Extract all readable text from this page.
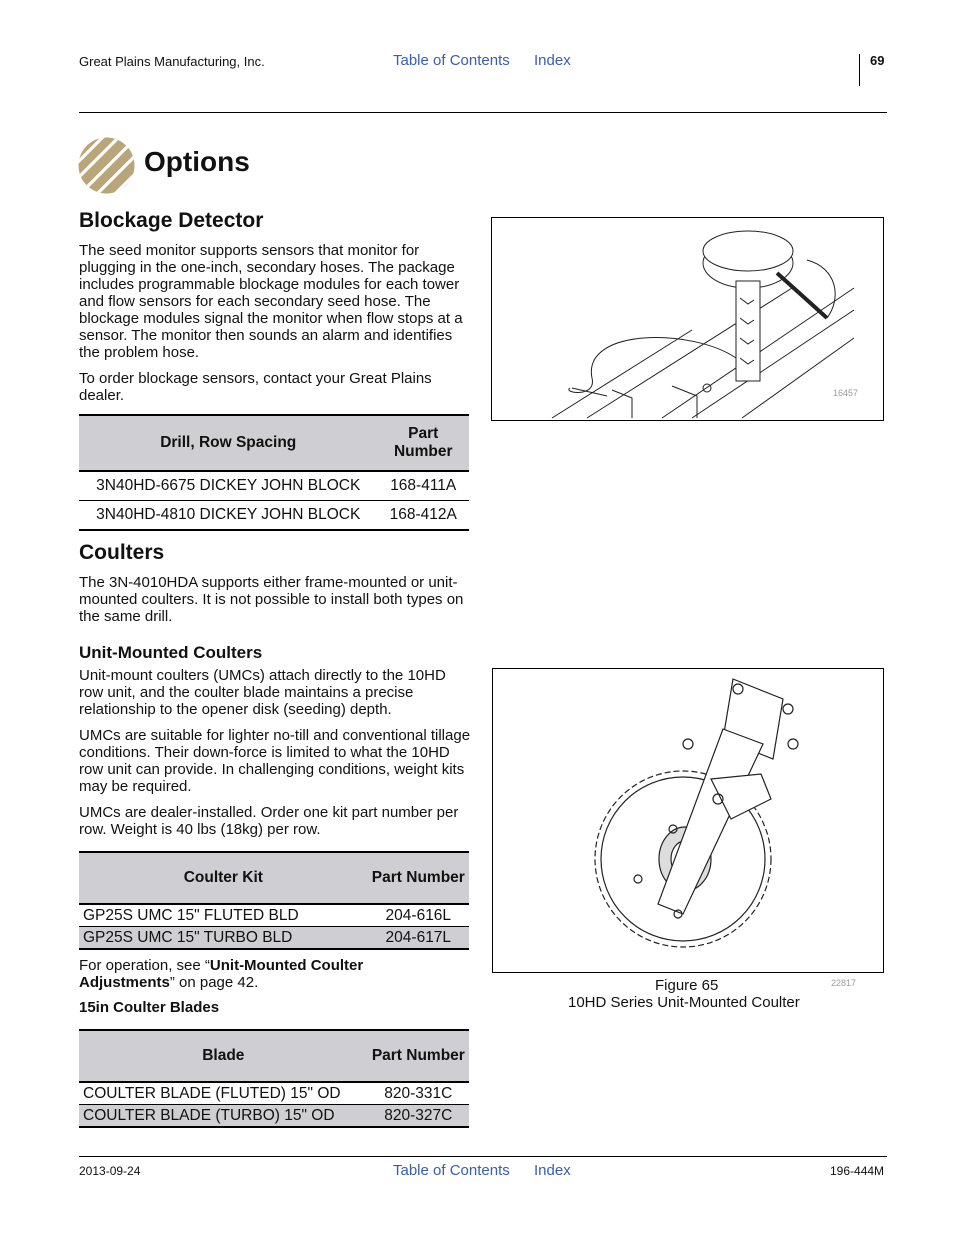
Great Plains Manufacturing, Inc.	Table of Contents Index	69
Options
Blockage Detector

The seed monitor supports sensors that monitor for plugging in the one-inch, secondary hoses. The package includes programmable blockage modules for each tower and flow sensors for each secondary seed hose. The blockage modules signal the monitor when flow stops at a sensor. The monitor then sounds an alarm and identifies the problem hose.

To order blockage sensors, contact your Great Plains dealer.

Drill, Row Spacing	Part Number
3N40HD-6675 DICKEY JOHN BLOCK	168-411A
3N40HD-4810 DICKEY JOHN BLOCK	168-412A
16457
Coulters

The 3N-4010HDA supports either frame-mounted or unit-mounted coulters. It is not possible to install both types on the same drill.

Unit-Mounted Coulters

Unit-mount coulters (UMCs) attach directly to the 10HD row unit, and the coulter blade maintains a precise relationship to the opener disk (seeding) depth.

UMCs are suitable for lighter no-till and conventional tillage conditions. Their down-force is limited to what the 10HD row unit can provide. In challenging conditions, weight kits may be required.

UMCs are dealer-installed. Order one kit part number per row. Weight is 40 lbs (18kg) per row.

Coulter Kit	Part Number
GP25S UMC 15" FLUTED BLD	204-616L
GP25S UMC 15" TURBO BLD	204-617L

For operation, see “Unit-Mounted Coulter Adjustments” on page 42.

15in Coulter Blades
Blade	Part Number
COULTER BLADE (FLUTED) 15" OD	820-331C
COULTER BLADE (TURBO) 15" OD	820-327C
Figure 65
10HD Series Unit-Mounted Coulter
22817
2013-09-24	Table of Contents Index	196-444M
